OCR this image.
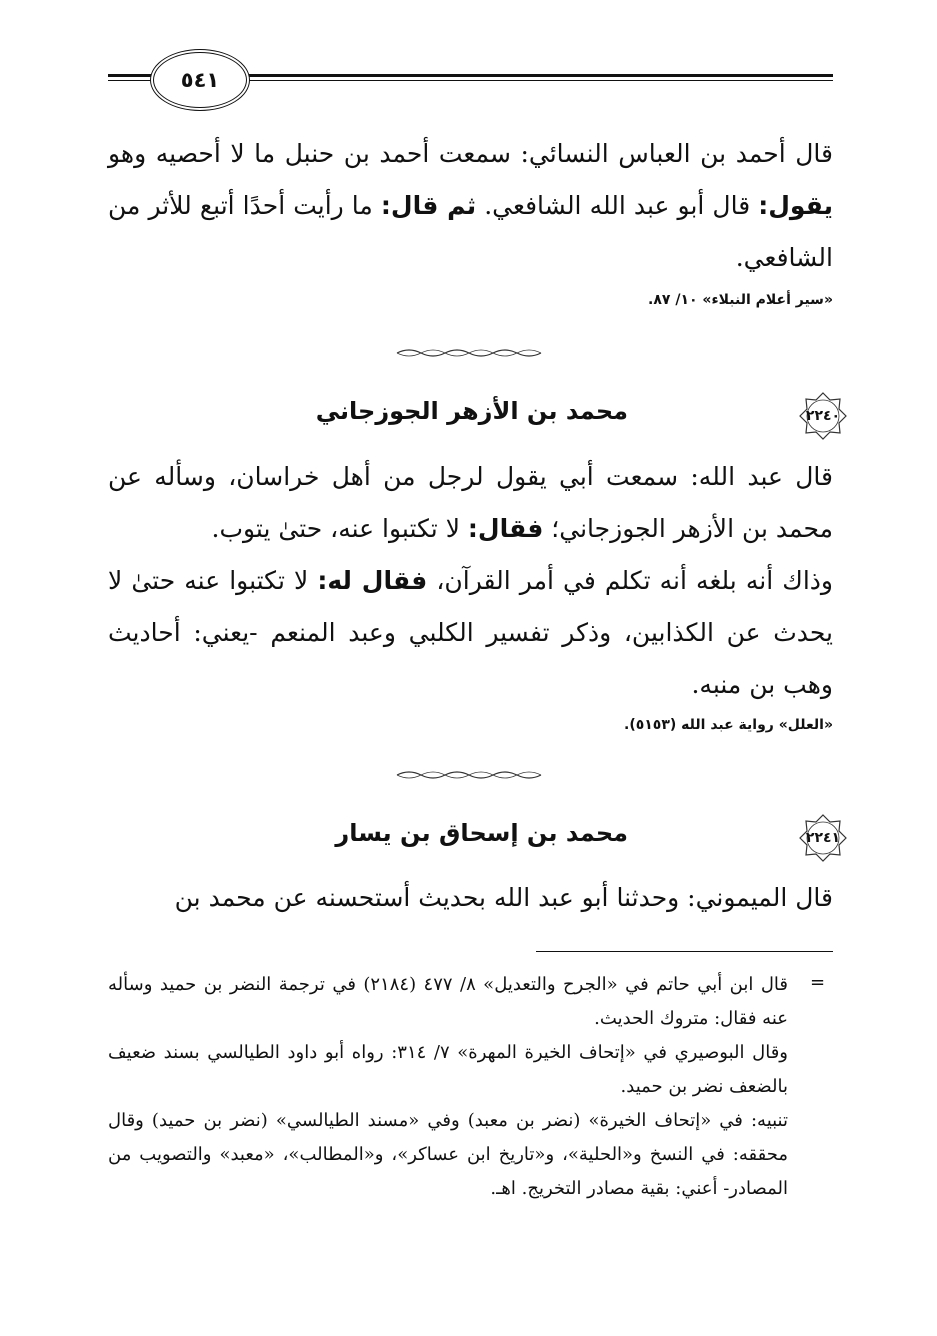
٥٤١

قال أحمد بن العباس النسائي: سمعت أحمد بن حنبل ما لا أحصيه وهو يقول: قال أبو عبد الله الشافعي. ثم قال: ما رأيت أحدًا أتبع للأثر من الشافعي.

«سير أعلام النبلاء» ١٠/ ٨٧.

٢٢٤٠
محمد بن الأزهر الجوزجاني

قال عبد الله: سمعت أبي يقول لرجل من أهل خراسان، وسأله عن محمد بن الأزهر الجوزجاني؛ فقال: لا تكتبوا عنه، حتىٰ يتوب.

وذاك أنه بلغه أنه تكلم في أمر القرآن، فقال له: لا تكتبوا عنه حتىٰ لا يحدث عن الكذابين، وذكر تفسير الكلبي وعبد المنعم -يعني: أحاديث وهب بن منبه.

«العلل» رواية عبد الله (٥١٥٣).

٢٢٤١
محمد بن إسحاق بن يسار

قال الميموني: وحدثنا أبو عبد الله بحديث أستحسنه عن محمد بن

=

قال ابن أبي حاتم في «الجرح والتعديل» ٨/ ٤٧٧ (٢١٨٤) في ترجمة النضر بن حميد وسأله عنه فقال: متروك الحديث.

وقال البوصيري في «إتحاف الخيرة المهرة» ٧/ ٣١٤: رواه أبو داود الطيالسي بسند ضعيف بالضعف نضر بن حميد.

تنبيه: في «إتحاف الخيرة» (نضر بن معبد) وفي «مسند الطيالسي» (نضر بن حميد) وقال محققه: في النسخ و«الحلية»، و«تاريخ ابن عساكر»، و«المطالب»، «معبد» والتصويب من المصادر- أعني: بقية مصادر التخريج. اهـ.
